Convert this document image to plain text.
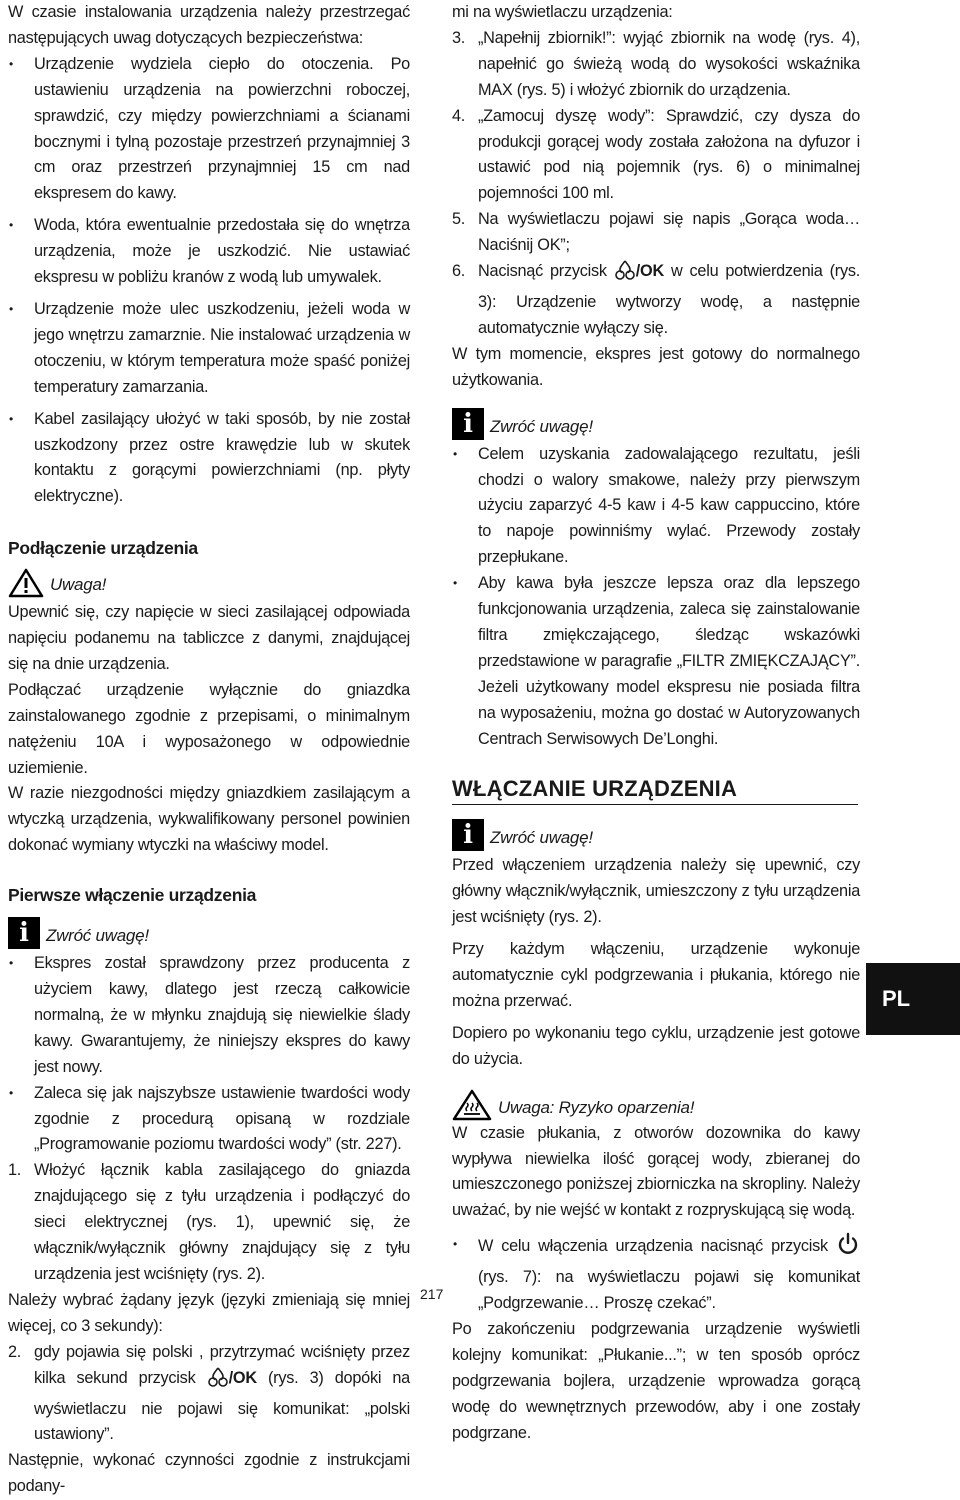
W czasie instalowania urządzenia należy przestrzegać następujących uwag dotyczących bezpieczeństwa:

• Urządzenie wydziela ciepło do otoczenia. Po ustawieniu urządzenia na powierzchni roboczej, sprawdzić, czy między powierzchniami a ścianami bocznymi i tylną pozostaje przestrzeń przynajmniej 3 cm oraz przestrzeń przynajmniej 15 cm nad ekspresem do kawy.
• Woda, która ewentualnie przedostała się do wnętrza urządzenia, może je uszkodzić. Nie ustawiać ekspresu w pobliżu kranów z wodą lub umywalek.
• Urządzenie może ulec uszkodzeniu, jeżeli woda w jego wnętrzu zamarznie. Nie instalować urządzenia w otoczeniu, w którym temperatura może spaść poniżej temperatury zamarzania.
• Kabel zasilający ułożyć w taki sposób, by nie został uszkodzony przez ostre krawędzie lub w skutek kontaktu z gorącymi powierzchniami (np. płyty elektryczne).
Podłączenie urządzenia
Uwaga!

Upewnić się, czy napięcie w sieci zasilającej odpowiada napięciu podanemu na tabliczce z danymi, znajdującej się na dnie urządzenia.

Podłączać urządzenie wyłącznie do gniazdka zainstalowanego zgodnie z przepisami, o minimalnym natężeniu 10A i wyposażonego w odpowiednie uziemienie.

W razie niezgodności między gniazdkiem zasilającym a wtyczką urządzenia, wykwalifikowany personel powinien dokonać wymiany wtyczki na właściwy model.

Pierwsze włączenie urządzenia
i	Zwróć uwagę!
• Ekspres został sprawdzony przez producenta z użyciem kawy, dlatego jest rzeczą całkowicie normalną, że w młynku znajdują się niewielkie ślady kawy. Gwarantujemy, że niniejszy ekspres do kawy jest nowy.
• Zaleca się jak najszybsze ustawienie twardości wody zgodnie z procedurą opisaną w rozdziale „Programowanie poziomu twardości wody” (str. 227).
1. Włożyć łącznik kabla zasilającego do gniazda znajdującego się z tyłu urządzenia i podłączyć do sieci elektrycznej (rys. 1), upewnić się, że włącznik/wyłącznik główny znajdujący się z tyłu urządzenia jest wciśnięty (rys. 2).

Należy wybrać żądany język (języki zmieniają się mniej więcej, co 3 sekundy):

2. gdy pojawia się polski , przytrzymać wciśnięty przez kilka sekund przycisk /OK (rys. 3) dopóki na wyświetlaczu nie pojawi się komunikat: „polski ustawiony”.

Następnie, wykonać czynności zgodnie z instrukcjami podany-

mi na wyświetlaczu urządzenia:

3. „Napełnij zbiornik!”: wyjąć zbiornik na wodę (rys. 4), napełnić go świeżą wodą do wysokości wskaźnika MAX (rys. 5) i włożyć zbiornik do urządzenia.
4. „Zamocuj dyszę wody”: Sprawdzić, czy dysza do produkcji gorącej wody została założona na dyfuzor i ustawić pod nią pojemnik (rys. 6) o minimalnej pojemności 100 ml.
5. Na wyświetlaczu pojawi się napis „Gorąca woda…Naciśnij OK”;
6. Nacisnąć przycisk /OK w celu potwierdzenia (rys. 3): Urządzenie wytworzy wodę, a następnie automatycznie wyłączy się.

W tym momencie, ekspres jest gotowy do normalnego użytkowania.

i	Zwróć uwagę!
• Celem uzyskania zadowalającego rezultatu, jeśli chodzi o walory smakowe, należy przy pierwszym użyciu zaparzyć 4-5 kaw i 4-5 kaw cappuccino, które to napoje powinniśmy wylać. Przewody zostały przepłukane.
• Aby kawa była jeszcze lepsza oraz dla lepszego funkcjonowania urządzenia, zaleca się zainstalowanie filtra zmiękczającego, śledząc wskazówki przedstawione w paragrafie „FILTR ZMIĘKCZAJĄCY”. Jeżeli użytkowany model ekspresu nie posiada filtra na wyposażeniu, można go dostać w Autoryzowanych Centrach Serwisowych De’Longhi.
WŁĄCZANIE URZĄDZENIA
i	Zwróć uwagę!

Przed włączeniem urządzenia należy się upewnić, czy główny włącznik/wyłącznik, umieszczony z tyłu urządzenia jest wciśnięty (rys. 2).

Przy każdym włączeniu, urządzenie wykonuje automatycznie cykl podgrzewania i płukania, którego nie można przerwać.

Dopiero po wykonaniu tego cyklu, urządzenie jest gotowe do użycia.

Uwaga: Ryzyko oparzenia!

W czasie płukania, z otworów dozownika do kawy wypływa niewielka ilość gorącej wody, zbieranej do umieszczonego poniższej zbiorniczka na skropliny. Należy uważać, by nie wejść w kontakt z rozpryskującą się wodą.

• W celu włączenia urządzenia nacisnąć przycisk  (rys. 7): na wyświetlaczu pojawi się komunikat „Podgrzewanie… Proszę czekać”.

Po zakończeniu podgrzewania urządzenie wyświetli kolejny komunikat: „Płukanie...”; w ten sposób oprócz podgrzewania bojlera, urządzenie wprowadza gorącą wodę do wewnętrznych przewodów, aby i one zostały podgrzane.

PL
217
